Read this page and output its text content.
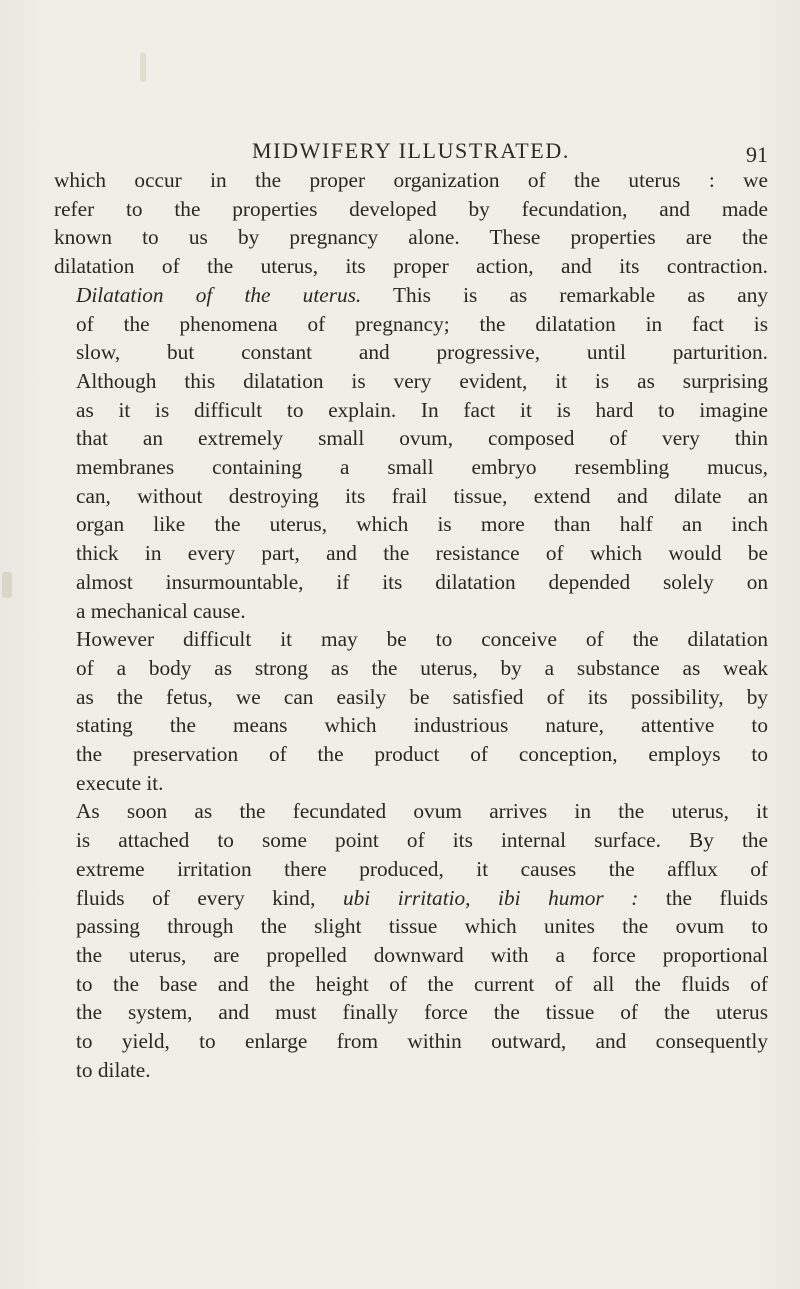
MIDWIFERY ILLUSTRATED.	91

which occur in the proper organization of the uterus : we
refer to the properties developed by fecundation, and made
known to us by pregnancy alone. These properties are the
dilatation of the uterus, its proper action, and its contraction.

Dilatation of the uterus. This is as remarkable as any
of the phenomena of pregnancy; the dilatation in fact is
slow, but constant and progressive, until parturition.
Although this dilatation is very evident, it is as surprising
as it is difficult to explain. In fact it is hard to imagine
that an extremely small ovum, composed of very thin
membranes containing a small embryo resembling mucus,
can, without destroying its frail tissue, extend and dilate an
organ like the uterus, which is more than half an inch
thick in every part, and the resistance of which would be
almost insurmountable, if its dilatation depended solely on
a mechanical cause.

However difficult it may be to conceive of the dilatation
of a body as strong as the uterus, by a substance as weak
as the fetus, we can easily be satisfied of its possibility, by
stating the means which industrious nature, attentive to
the preservation of the product of conception, employs to
execute it.

As soon as the fecundated ovum arrives in the uterus, it
is attached to some point of its internal surface. By the
extreme irritation there produced, it causes the afflux of
fluids of every kind, ubi irritatio, ibi humor : the fluids
passing through the slight tissue which unites the ovum to
the uterus, are propelled downward with a force proportional
to the base and the height of the current of all the fluids of
the system, and must finally force the tissue of the uterus
to yield, to enlarge from within outward, and consequently
to dilate.
